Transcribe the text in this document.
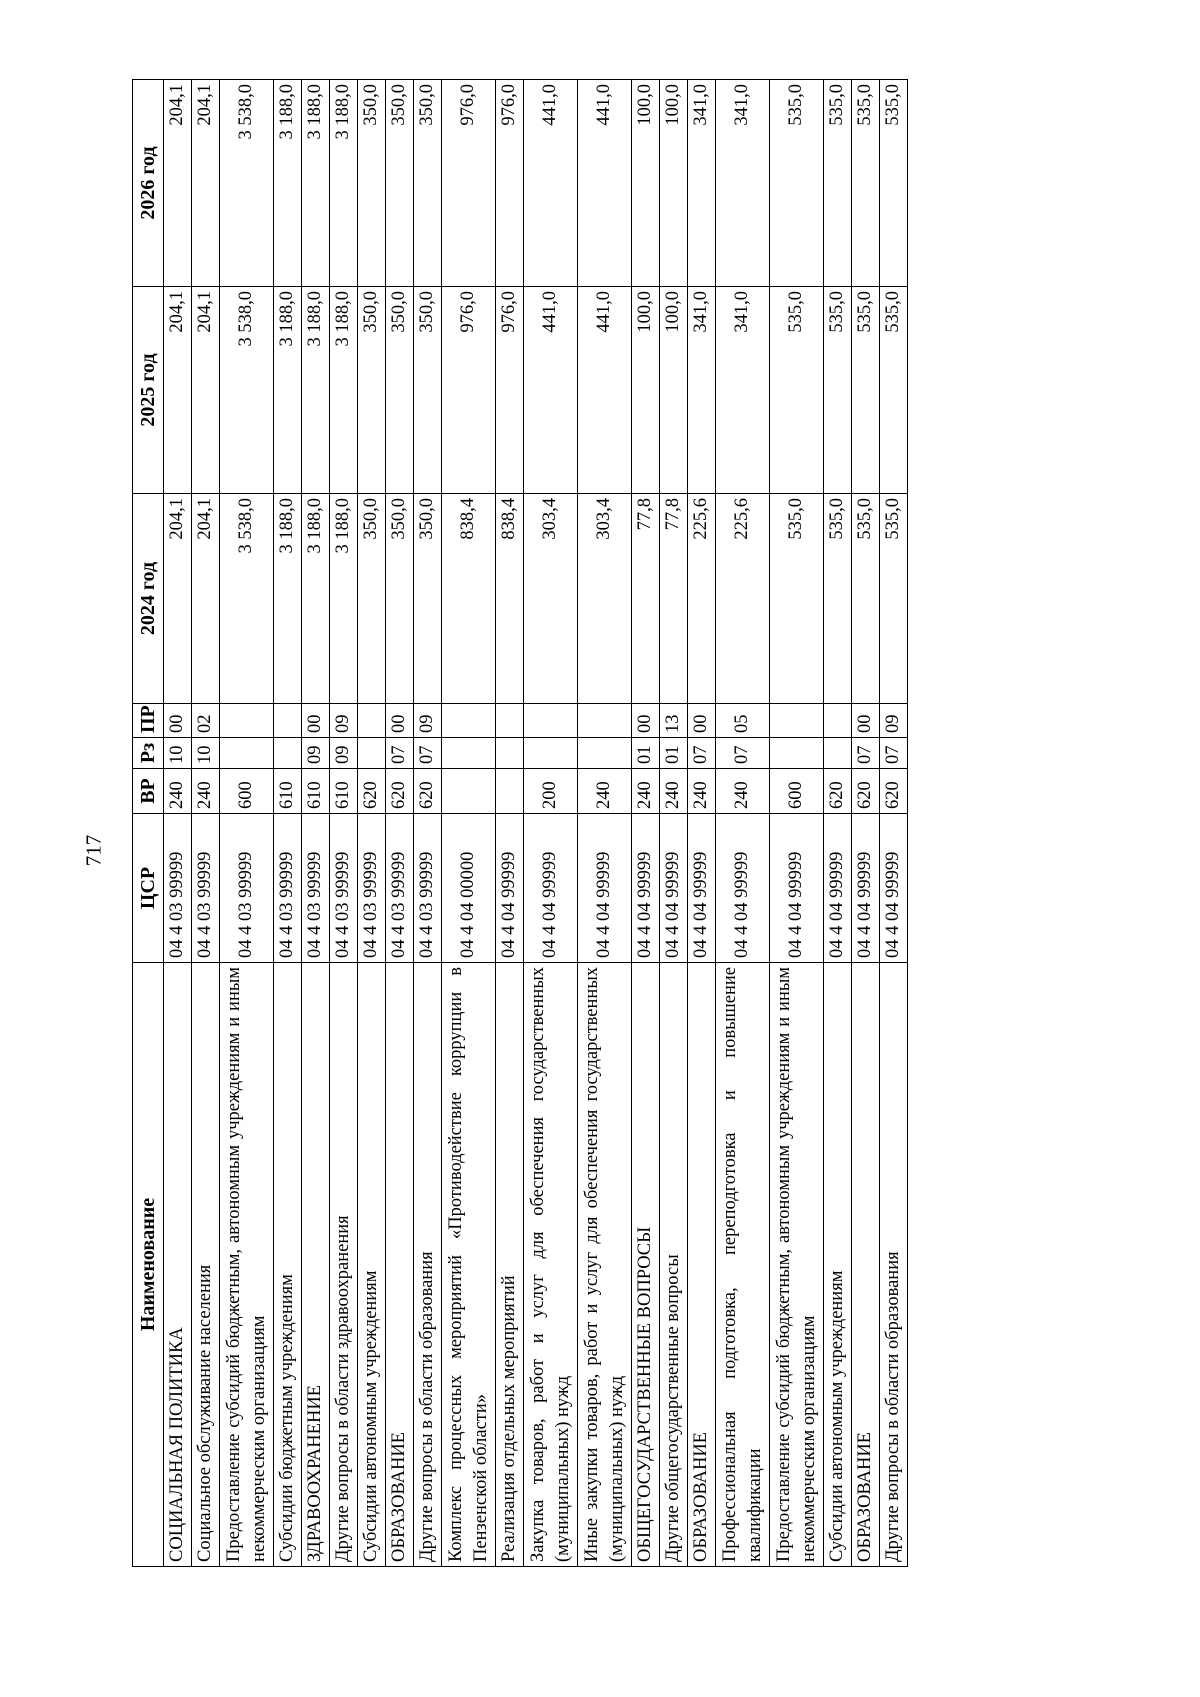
717
Наименование	ЦСР	ВР	Рз	ПР	2024 год	2025 год	2026 год
СОЦИАЛЬНАЯ ПОЛИТИКА	04 4 03 99999	240	10	00	204,1	204,1	204,1
Социальное обслуживание населения	04 4 03 99999	240	10	02	204,1	204,1	204,1
Предоставление субсидий бюджетным, автономным учреждениям и иным некоммерческим организациям	04 4 03 99999	600			3 538,0	3 538,0	3 538,0
Субсидии бюджетным учреждениям	04 4 03 99999	610			3 188,0	3 188,0	3 188,0
ЗДРАВООХРАНЕНИЕ	04 4 03 99999	610	09	00	3 188,0	3 188,0	3 188,0
Другие вопросы в области здравоохранения	04 4 03 99999	610	09	09	3 188,0	3 188,0	3 188,0
Субсидии автономным учреждениям	04 4 03 99999	620			350,0	350,0	350,0
ОБРАЗОВАНИЕ	04 4 03 99999	620	07	00	350,0	350,0	350,0
Другие вопросы в области образования	04 4 03 99999	620	07	09	350,0	350,0	350,0
Комплекс процессных мероприятий «Противодействие коррупции в Пензенской области»	04 4 04 00000				838,4	976,0	976,0
Реализация отдельных мероприятий	04 4 04 99999				838,4	976,0	976,0
Закупка товаров, работ и услуг для обеспечения государственных (муниципальных) нужд	04 4 04 99999	200			303,4	441,0	441,0
Иные закупки товаров, работ и услуг для обеспечения государственных (муниципальных) нужд	04 4 04 99999	240			303,4	441,0	441,0
ОБЩЕГОСУДАРСТВЕННЫЕ ВОПРОСЫ	04 4 04 99999	240	01	00	77,8	100,0	100,0
Другие общегосударственные вопросы	04 4 04 99999	240	01	13	77,8	100,0	100,0
ОБРАЗОВАНИЕ	04 4 04 99999	240	07	00	225,6	341,0	341,0
Профессиональная подготовка, переподготовка и повышение квалификации	04 4 04 99999	240	07	05	225,6	341,0	341,0
Предоставление субсидий бюджетным, автономным учреждениям и иным некоммерческим организациям	04 4 04 99999	600			535,0	535,0	535,0
Субсидии автономным учреждениям	04 4 04 99999	620			535,0	535,0	535,0
ОБРАЗОВАНИЕ	04 4 04 99999	620	07	00	535,0	535,0	535,0
Другие вопросы в области образования	04 4 04 99999	620	07	09	535,0	535,0	535,0
